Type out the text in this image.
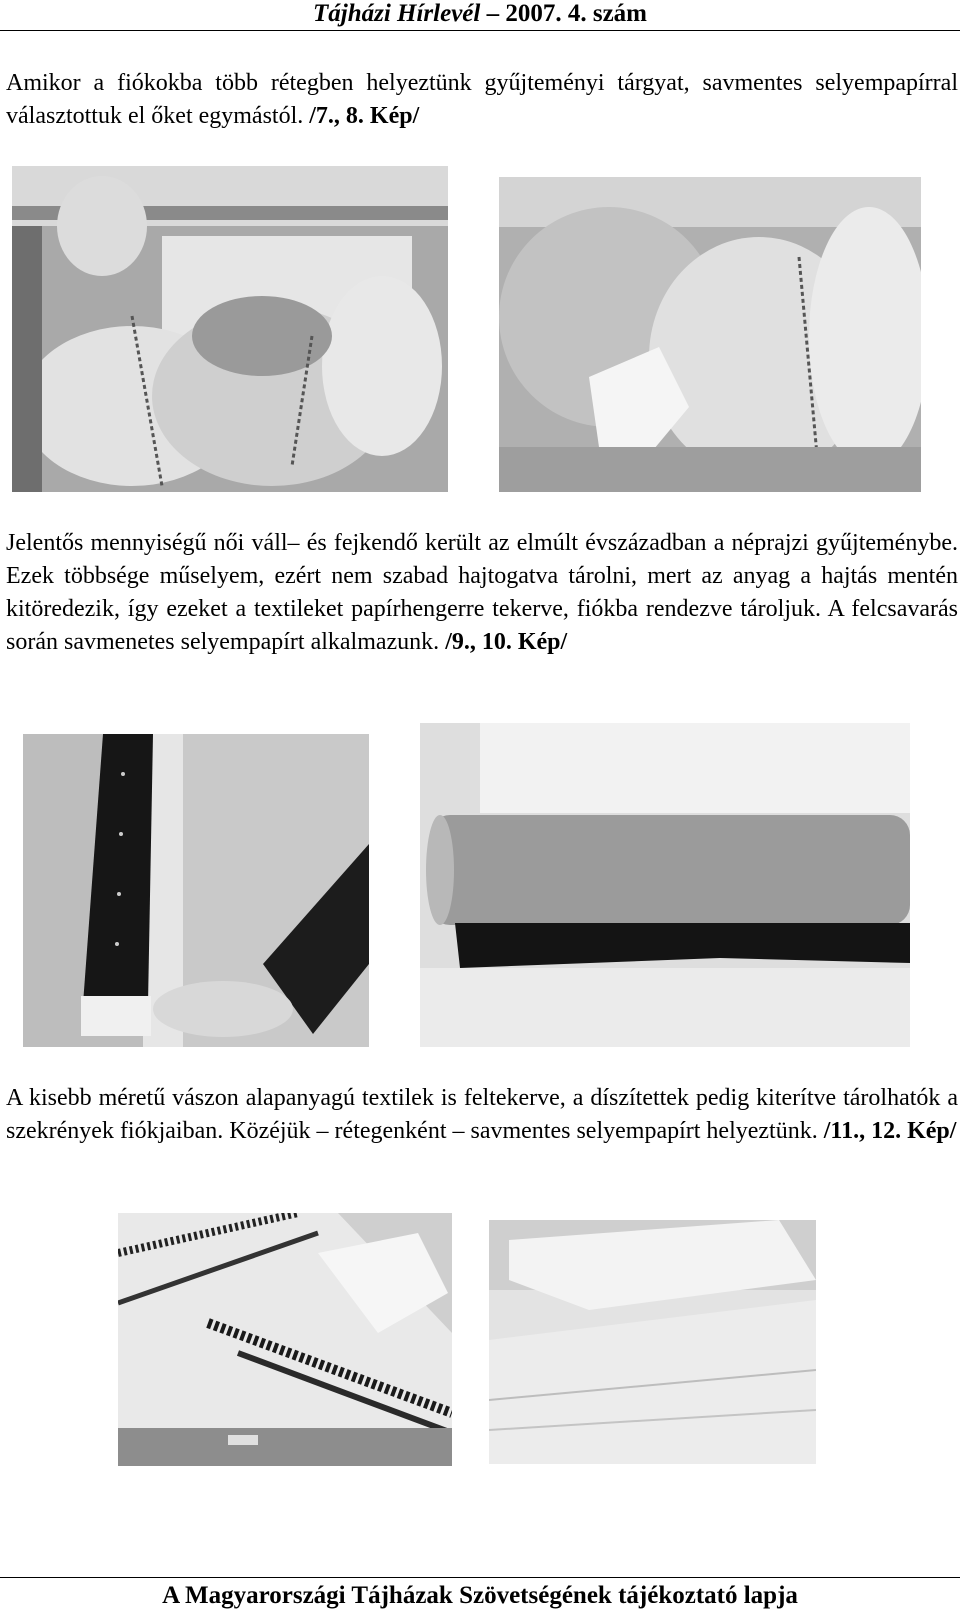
Tájházi Hírlevél – 2007. 4. szám

Amikor a fiókokba több rétegben helyeztünk gyűjteményi tárgyat, savmentes selyempapírral választottuk el őket egymástól. /7., 8. Kép/

Jelentős mennyiségű női váll– és fejkendő került az elmúlt évszázadban a néprajzi gyűjteménybe. Ezek többsége műselyem, ezért nem szabad hajtogatva tárolni, mert az anyag a hajtás mentén kitöredezik, így ezeket a textileket papírhengerre tekerve, fiókba rendezve tároljuk. A felcsavarás során savmenetes selyempapírt alkalmazunk. /9., 10. Kép/

A kisebb méretű vászon alapanyagú textilek is feltekerve, a díszítettek pedig kiterítve tárolhatók a szekrények fiókjaiban. Közéjük – rétegenként – savmentes selyempapírt helyeztünk. /11., 12. Kép/

A Magyarországi Tájházak Szövetségének tájékoztató lapja
